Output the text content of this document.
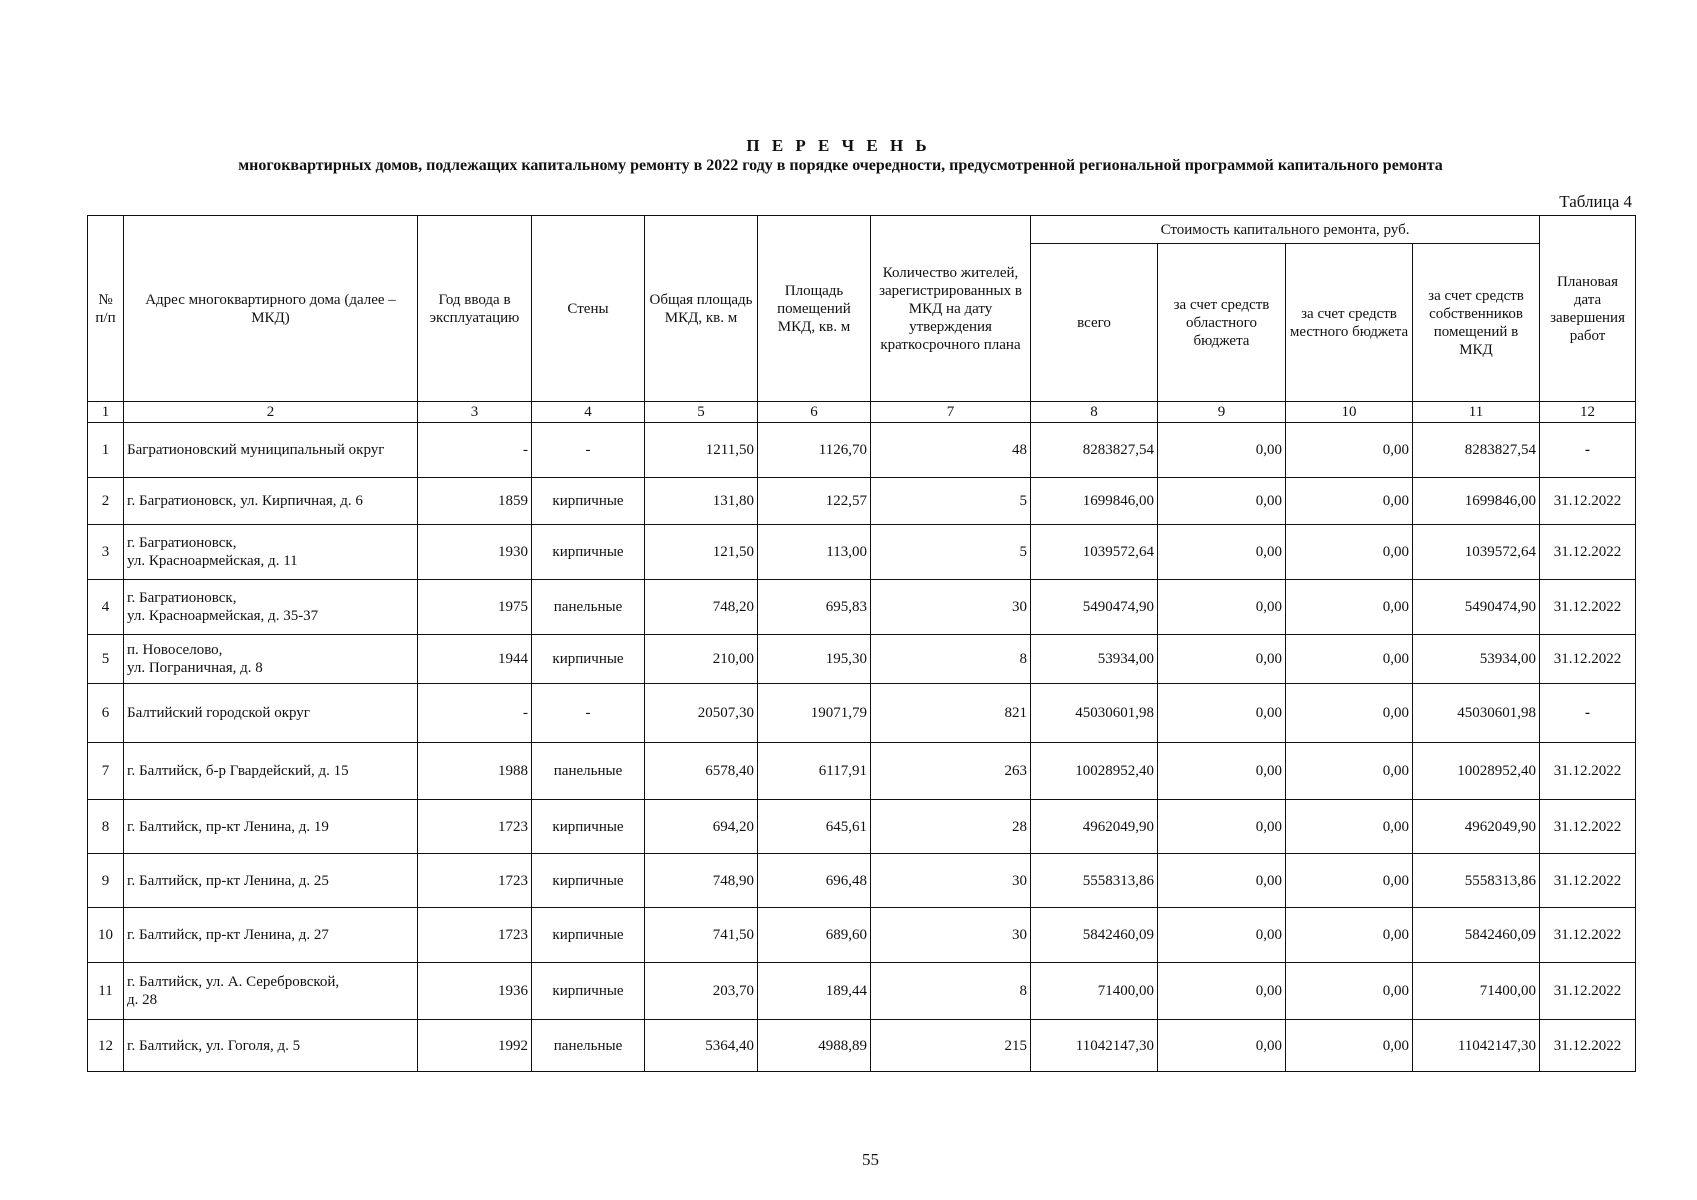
П Е Р Е Ч Е Н Ь
многоквартирных домов, подлежащих капитальному ремонту в 2022 году в порядке очередности, предусмотренной региональной программой капитального ремонта
Таблица 4
№ п/п	Адрес многоквартирного дома (далее – МКД)	Год ввода в эксплуатацию	Стены	Общая площадь МКД, кв. м	Площадь помещений МКД, кв. м	Количество жителей, зарегистрированных в МКД на дату утверждения краткосрочного плана	Стоимость капитального ремонта, руб.				Плановая дата завершения работ
							всего	за счет средств областного бюджета	за счет средств местного бюджета	за счет средств собственников помещений в МКД	
1	2	3	4	5	6	7	8	9	10	11	12
1	Багратионовский муниципальный округ	-	-	1211,50	1126,70	48	8283827,54	0,00	0,00	8283827,54	-
2	г. Багратионовск, ул. Кирпичная, д. 6	1859	кирпичные	131,80	122,57	5	1699846,00	0,00	0,00	1699846,00	31.12.2022
3	г. Багратионовск,
ул. Красноармейская, д. 11	1930	кирпичные	121,50	113,00	5	1039572,64	0,00	0,00	1039572,64	31.12.2022
4	г. Багратионовск,
ул. Красноармейская, д. 35-37	1975	панельные	748,20	695,83	30	5490474,90	0,00	0,00	5490474,90	31.12.2022
5	п. Новоселово,
ул. Пограничная, д. 8	1944	кирпичные	210,00	195,30	8	53934,00	0,00	0,00	53934,00	31.12.2022
6	Балтийский городской округ	-	-	20507,30	19071,79	821	45030601,98	0,00	0,00	45030601,98	-
7	г. Балтийск, б-р Гвардейский, д. 15	1988	панельные	6578,40	6117,91	263	10028952,40	0,00	0,00	10028952,40	31.12.2022
8	г. Балтийск, пр-кт Ленина, д. 19	1723	кирпичные	694,20	645,61	28	4962049,90	0,00	0,00	4962049,90	31.12.2022
9	г. Балтийск, пр-кт Ленина, д. 25	1723	кирпичные	748,90	696,48	30	5558313,86	0,00	0,00	5558313,86	31.12.2022
10	г. Балтийск, пр-кт Ленина, д. 27	1723	кирпичные	741,50	689,60	30	5842460,09	0,00	0,00	5842460,09	31.12.2022
11	г. Балтийск, ул. А. Серебровской,
д. 28	1936	кирпичные	203,70	189,44	8	71400,00	0,00	0,00	71400,00	31.12.2022
12	г. Балтийск, ул. Гоголя, д. 5	1992	панельные	5364,40	4988,89	215	11042147,30	0,00	0,00	11042147,30	31.12.2022
55
